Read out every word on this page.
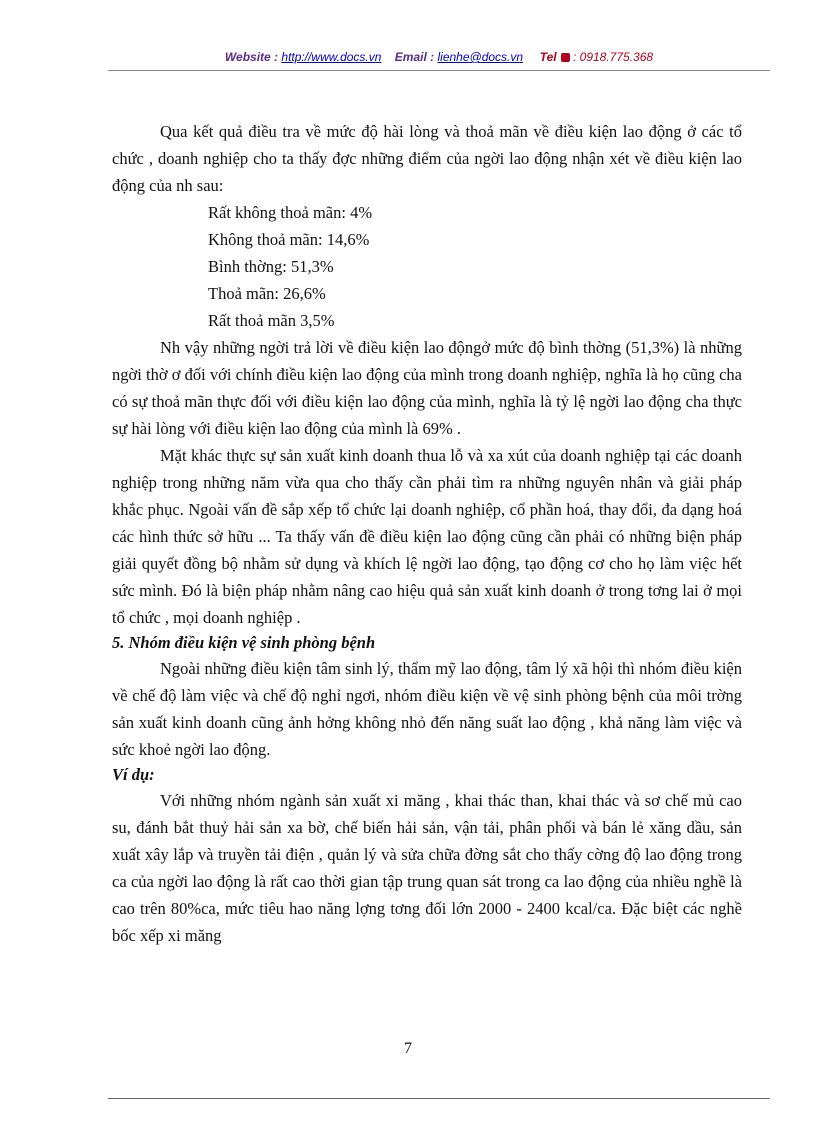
Website : http://www.docs.vn Email : lienhe@docs.vn Tel : 0918.775.368

Qua kết quả điều tra về mức độ hài lòng và thoả mãn về điều kiện lao động ở các tổ chức , doanh nghiệp cho ta thấy đợc những điểm của ngời lao động nhận xét về điều kiện lao động của nh sau:

Rất không thoả mãn: 4%
Không thoả mãn: 14,6%
Bình thờng: 51,3%
Thoả mãn: 26,6%
Rất thoả mãn 3,5%

Nh vậy những ngời trả lời về điều kiện lao độngở mức độ bình thờng (51,3%) là những ngời thờ ơ đối với chính điều kiện lao động của mình trong doanh nghiệp, nghĩa là họ cũng cha có sự thoả mãn thực đối với điều kiện lao động của mình, nghĩa là tỷ lệ ngời lao động cha thực sự hài lòng với điều kiện lao động của mình là 69% .

Mặt khác thực sự sản xuất kinh doanh thua lỗ và xa xút của doanh nghiệp tại các doanh nghiệp trong những năm vừa qua cho thấy cần phải tìm ra những nguyên nhân và giải pháp khắc phục. Ngoài vấn đề sắp xếp tổ chức lại doanh nghiệp, cổ phần hoá, thay đổi, đa dạng hoá các hình thức sở hữu ... Ta thấy vấn đề điều kiện lao động cũng cần phải có những biện pháp giải quyết đồng bộ nhằm sử dụng và khích lệ ngời lao động, tạo động cơ cho họ làm việc hết sức mình. Đó là biện pháp nhằm nâng cao hiệu quả sản xuất kinh doanh ở trong tơng lai ở mọi tổ chức , mọi doanh nghiệp .

5. Nhóm điều kiện vệ sinh phòng bệnh

Ngoài những điều kiện tâm sinh lý, thẩm mỹ lao động, tâm lý xã hội thì nhóm điều kiện về chế độ làm việc và chế độ nghỉ ngơi, nhóm điều kiện về vệ sinh phòng bệnh của môi trờng sản xuất kinh doanh cũng ảnh hởng không nhỏ đến năng suất lao động , khả năng làm việc và sức khoẻ ngời lao động.

Ví dụ:

Với những nhóm ngành sản xuất xi măng , khai thác than, khai thác và sơ chế mủ cao su, đánh bắt thuỷ hải sản xa bờ, chế biến hải sản, vận tải, phân phối và bán lẻ xăng dầu, sản xuất xây lắp và truyền tải điện , quản lý và sửa chữa đờng sắt cho thấy cờng độ lao động trong ca của ngời lao động là rất cao thời gian tập trung quan sát trong ca lao động của nhiều nghề là cao trên 80%ca, mức tiêu hao năng lợng tơng đối lớn 2000 - 2400 kcal/ca. Đặc biệt các nghề bốc xếp xi măng

7
